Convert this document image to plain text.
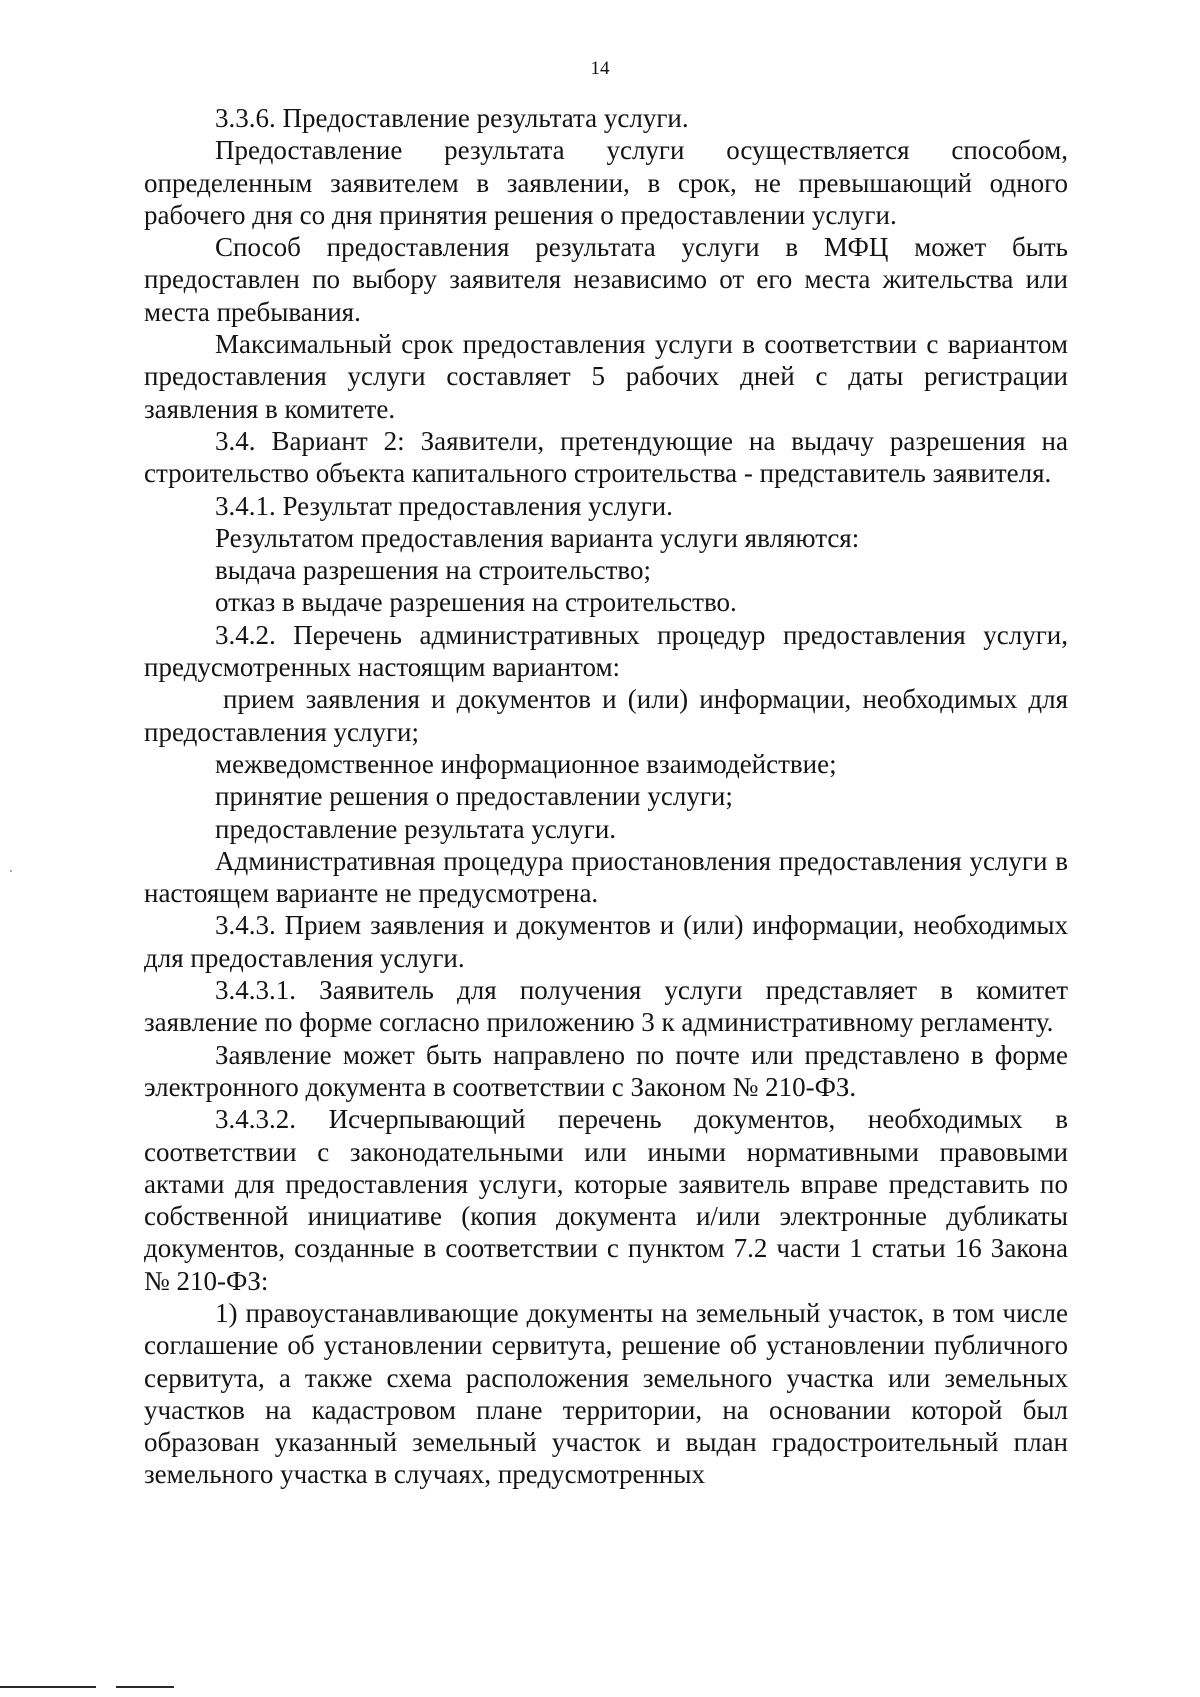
14

3.3.6. Предоставление результата услуги.

Предоставление результата услуги осуществляется способом, определенным заявителем в заявлении, в срок, не превышающий одного рабочего дня со дня принятия решения о предоставлении услуги.

Способ предоставления результата услуги в МФЦ может быть предоставлен по выбору заявителя независимо от его места жительства или места пребывания.

Максимальный срок предоставления услуги в соответствии с вариантом предоставления услуги составляет 5 рабочих дней с даты регистрации заявления в комитете.

3.4. Вариант 2: Заявители, претендующие на выдачу разрешения на строительство объекта капитального строительства - представитель заявителя.

3.4.1. Результат предоставления услуги.

Результатом предоставления варианта услуги являются:

выдача разрешения на строительство;

отказ в выдаче разрешения на строительство.

3.4.2. Перечень административных процедур предоставления услуги, предусмотренных настоящим вариантом:

прием заявления и документов и (или) информации, необходимых для предоставления услуги;

межведомственное информационное взаимодействие;

принятие решения о предоставлении услуги;

предоставление результата услуги.

Административная процедура приостановления предоставления услуги в настоящем варианте не предусмотрена.

3.4.3. Прием заявления и документов и (или) информации, необходимых для предоставления услуги.

3.4.3.1. Заявитель для получения услуги представляет в комитет заявление по форме согласно приложению 3 к административному регламенту.

Заявление может быть направлено по почте или представлено в форме электронного документа в соответствии с Законом № 210-ФЗ.

3.4.3.2. Исчерпывающий перечень документов, необходимых в соответствии с законодательными или иными нормативными правовыми актами для предоставления услуги, которые заявитель вправе представить по собственной инициативе (копия документа и/или электронные дубликаты документов, созданные в соответствии с пунктом 7.2 части 1 статьи 16 Закона № 210-ФЗ:

1) правоустанавливающие документы на земельный участок, в том числе соглашение об установлении сервитута, решение об установлении публичного сервитута, а также схема расположения земельного участка или земельных участков на кадастровом плане территории, на основании которой был образован указанный земельный участок и выдан градостроительный план земельного участка в случаях, предусмотренных
